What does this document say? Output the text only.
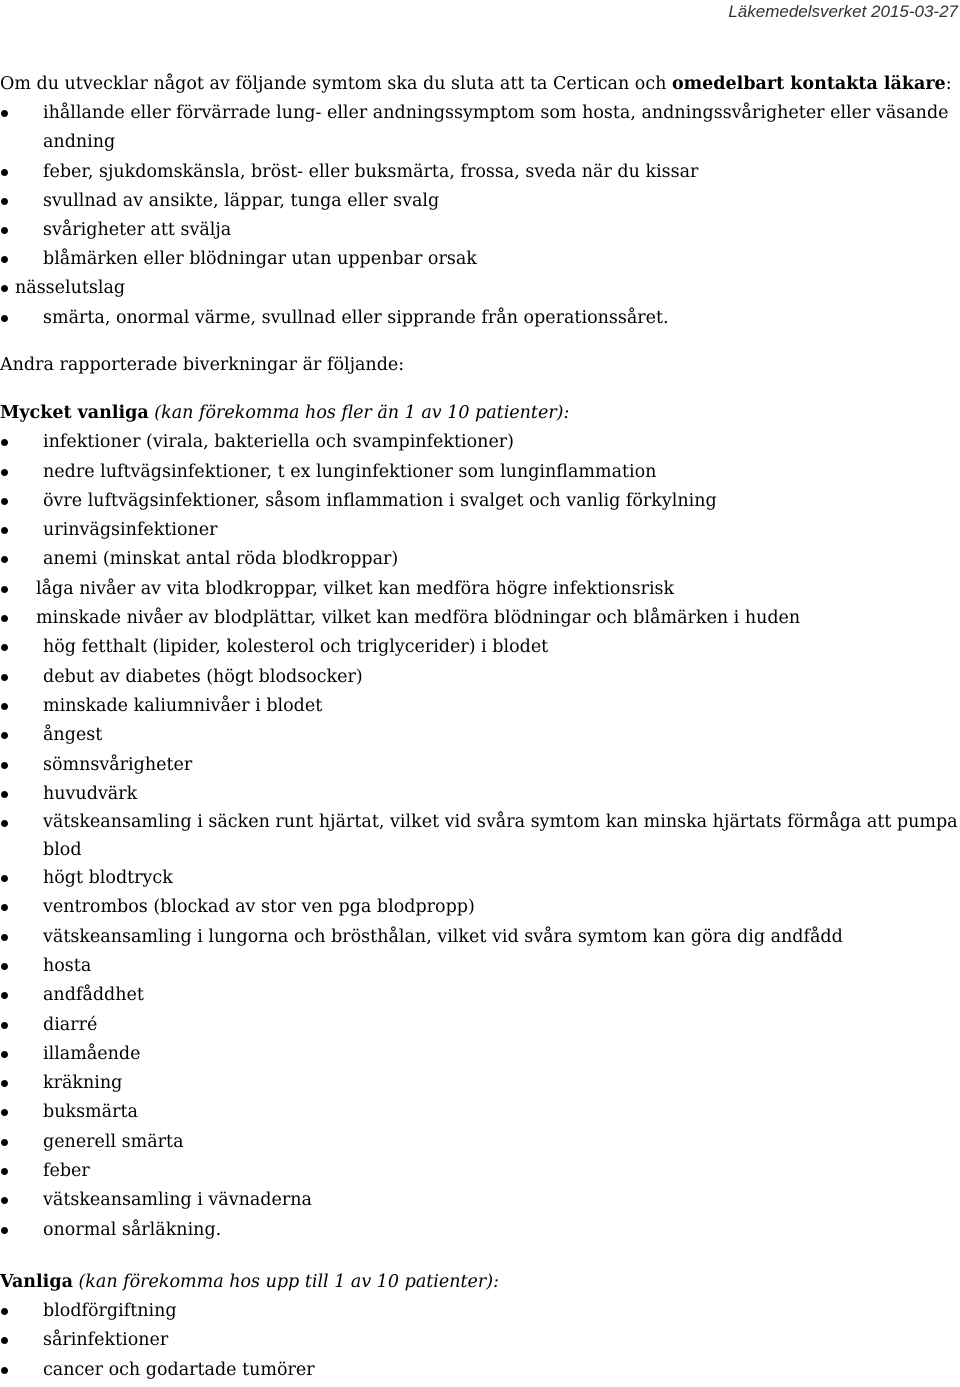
Läkemedelsverket 2015-03-27

Om du utvecklar något av följande symtom ska du sluta att ta Certican och omedelbart kontakta läkare:

ihållande eller förvärrade lung- eller andningssymptom som hosta, andningssvårigheter eller väsande andning
feber, sjukdomskänsla, bröst- eller buksmärta, frossa, sveda när du kissar
svullnad av ansikte, läppar, tunga eller svalg
svårigheter att svälja
blåmärken eller blödningar utan uppenbar orsak
nässelutslag
smärta, onormal värme, svullnad eller sipprande från operationssåret.

Andra rapporterade biverkningar är följande:

Mycket vanliga (kan förekomma hos fler än 1 av 10 patienter):

infektioner (virala, bakteriella och svampinfektioner)
nedre luftvägsinfektioner, t ex lunginfektioner som lunginflammation
övre luftvägsinfektioner, såsom inflammation i svalget och vanlig förkylning
urinvägsinfektioner
anemi (minskat antal röda blodkroppar)
låga nivåer av vita blodkroppar, vilket kan medföra högre infektionsrisk
minskade nivåer av blodplättar, vilket kan medföra blödningar och blåmärken i huden
hög fetthalt (lipider, kolesterol och triglycerider) i blodet
debut av diabetes (högt blodsocker)
minskade kaliumnivåer i blodet
ångest
sömnsvårigheter
huvudvärk
vätskeansamling i säcken runt hjärtat, vilket vid svåra symtom kan minska hjärtats förmåga att pumpa blod
högt blodtryck
ventrombos (blockad av stor ven pga blodpropp)
vätskeansamling i lungorna och brösthålan, vilket vid svåra symtom kan göra dig andfådd
hosta
andfåddhet
diarré
illamående
kräkning
buksmärta
generell smärta
feber
vätskeansamling i vävnaderna
onormal sårläkning.

Vanliga (kan förekomma hos upp till 1 av 10 patienter):

blodförgiftning
sårinfektioner
cancer och godartade tumörer
